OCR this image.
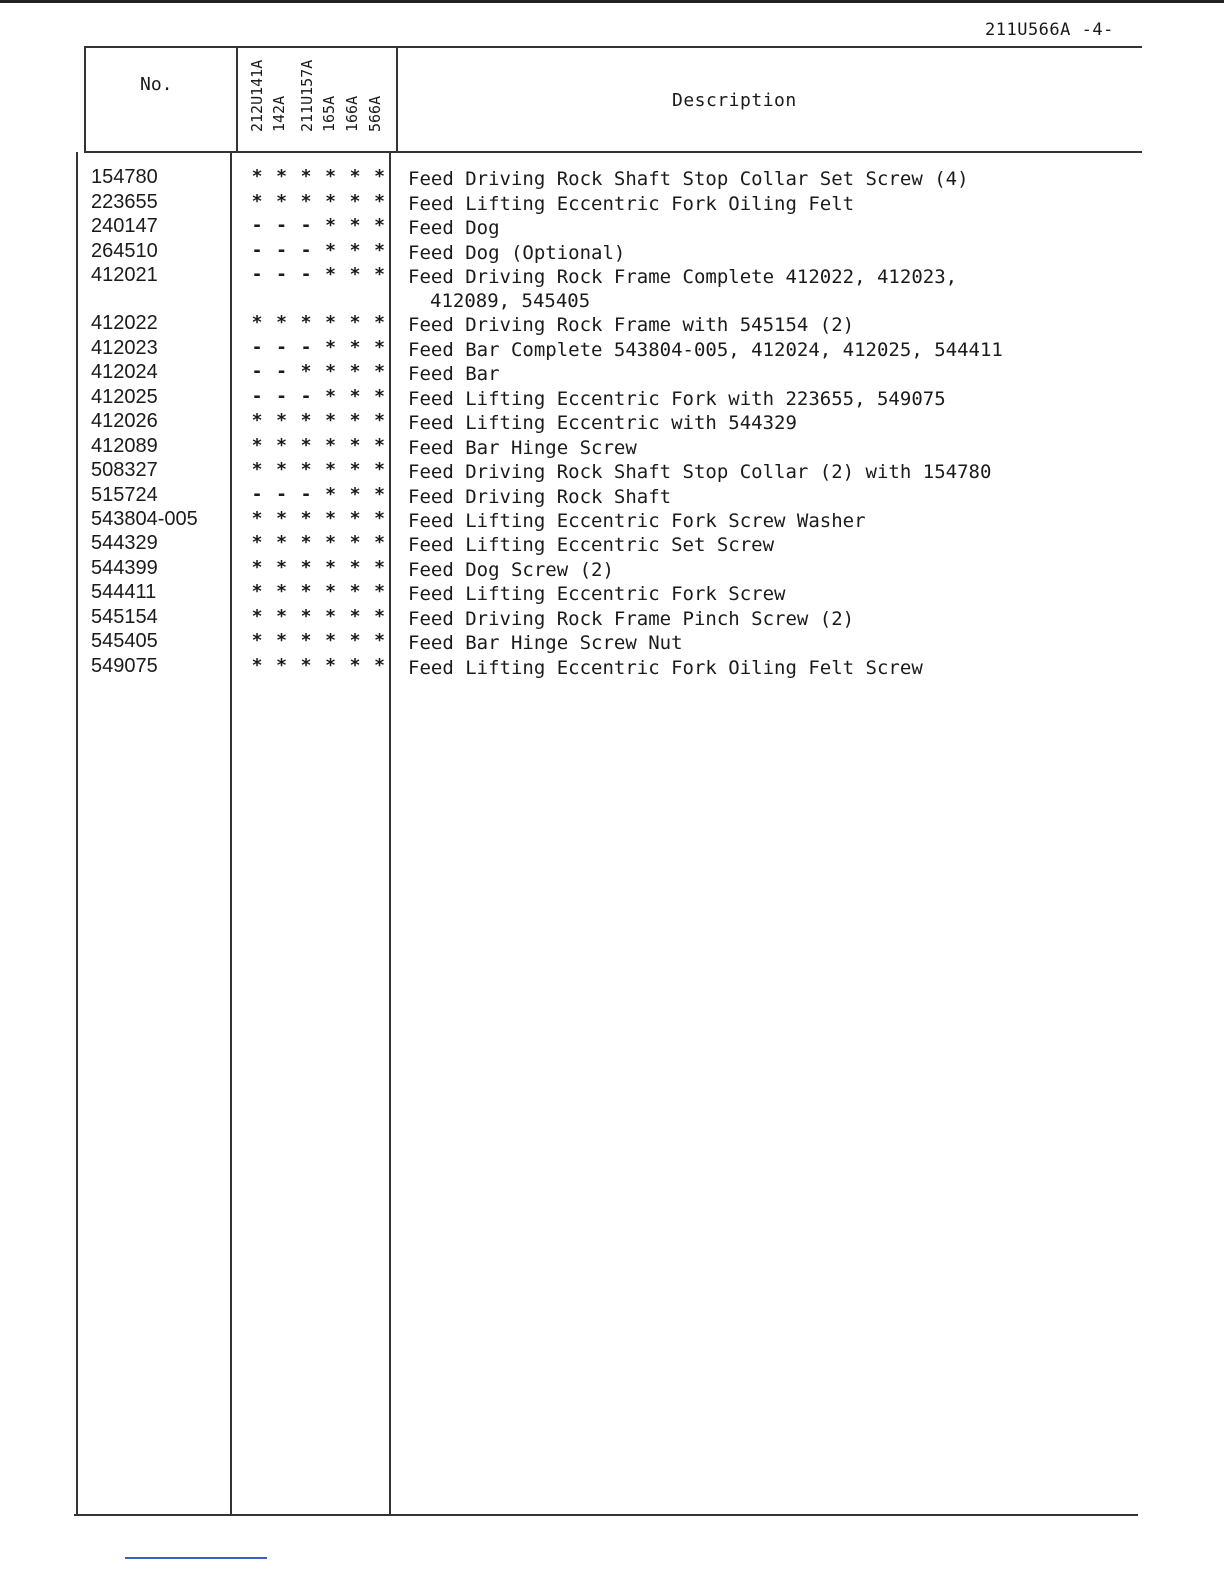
211U566A -4-
No.
Description
212U141A 142A 211U157A 165A 166A 566A
154780	* * * * * * Feed Driving Rock Shaft Stop Collar Set Screw (4)
223655	* * * * * * Feed Lifting Eccentric Fork Oiling Felt
240147	- - - * * * Feed Dog
264510	- - - * * * Feed Dog (Optional)
412021	- - - * * * Feed Driving Rock Frame Complete 412022, 412023,
412089, 545405
412022	* * * * * * Feed Driving Rock Frame with 545154 (2)
412023	- - - * * * Feed Bar Complete 543804-005, 412024, 412025, 544411
412024	- - * * * * Feed Bar
412025	- - - * * * Feed Lifting Eccentric Fork with 223655, 549075
412026	* * * * * * Feed Lifting Eccentric with 544329
412089	* * * * * * Feed Bar Hinge Screw
508327	* * * * * * Feed Driving Rock Shaft Stop Collar (2) with 154780
515724	- - - * * * Feed Driving Rock Shaft
543804-005	* * * * * * Feed Lifting Eccentric Fork Screw Washer
544329	* * * * * * Feed Lifting Eccentric Set Screw
544399	* * * * * * Feed Dog Screw (2)
544411	* * * * * * Feed Lifting Eccentric Fork Screw
545154	* * * * * * Feed Driving Rock Frame Pinch Screw (2)
545405	* * * * * * Feed Bar Hinge Screw Nut
549075	* * * * * * Feed Lifting Eccentric Fork Oiling Felt Screw
